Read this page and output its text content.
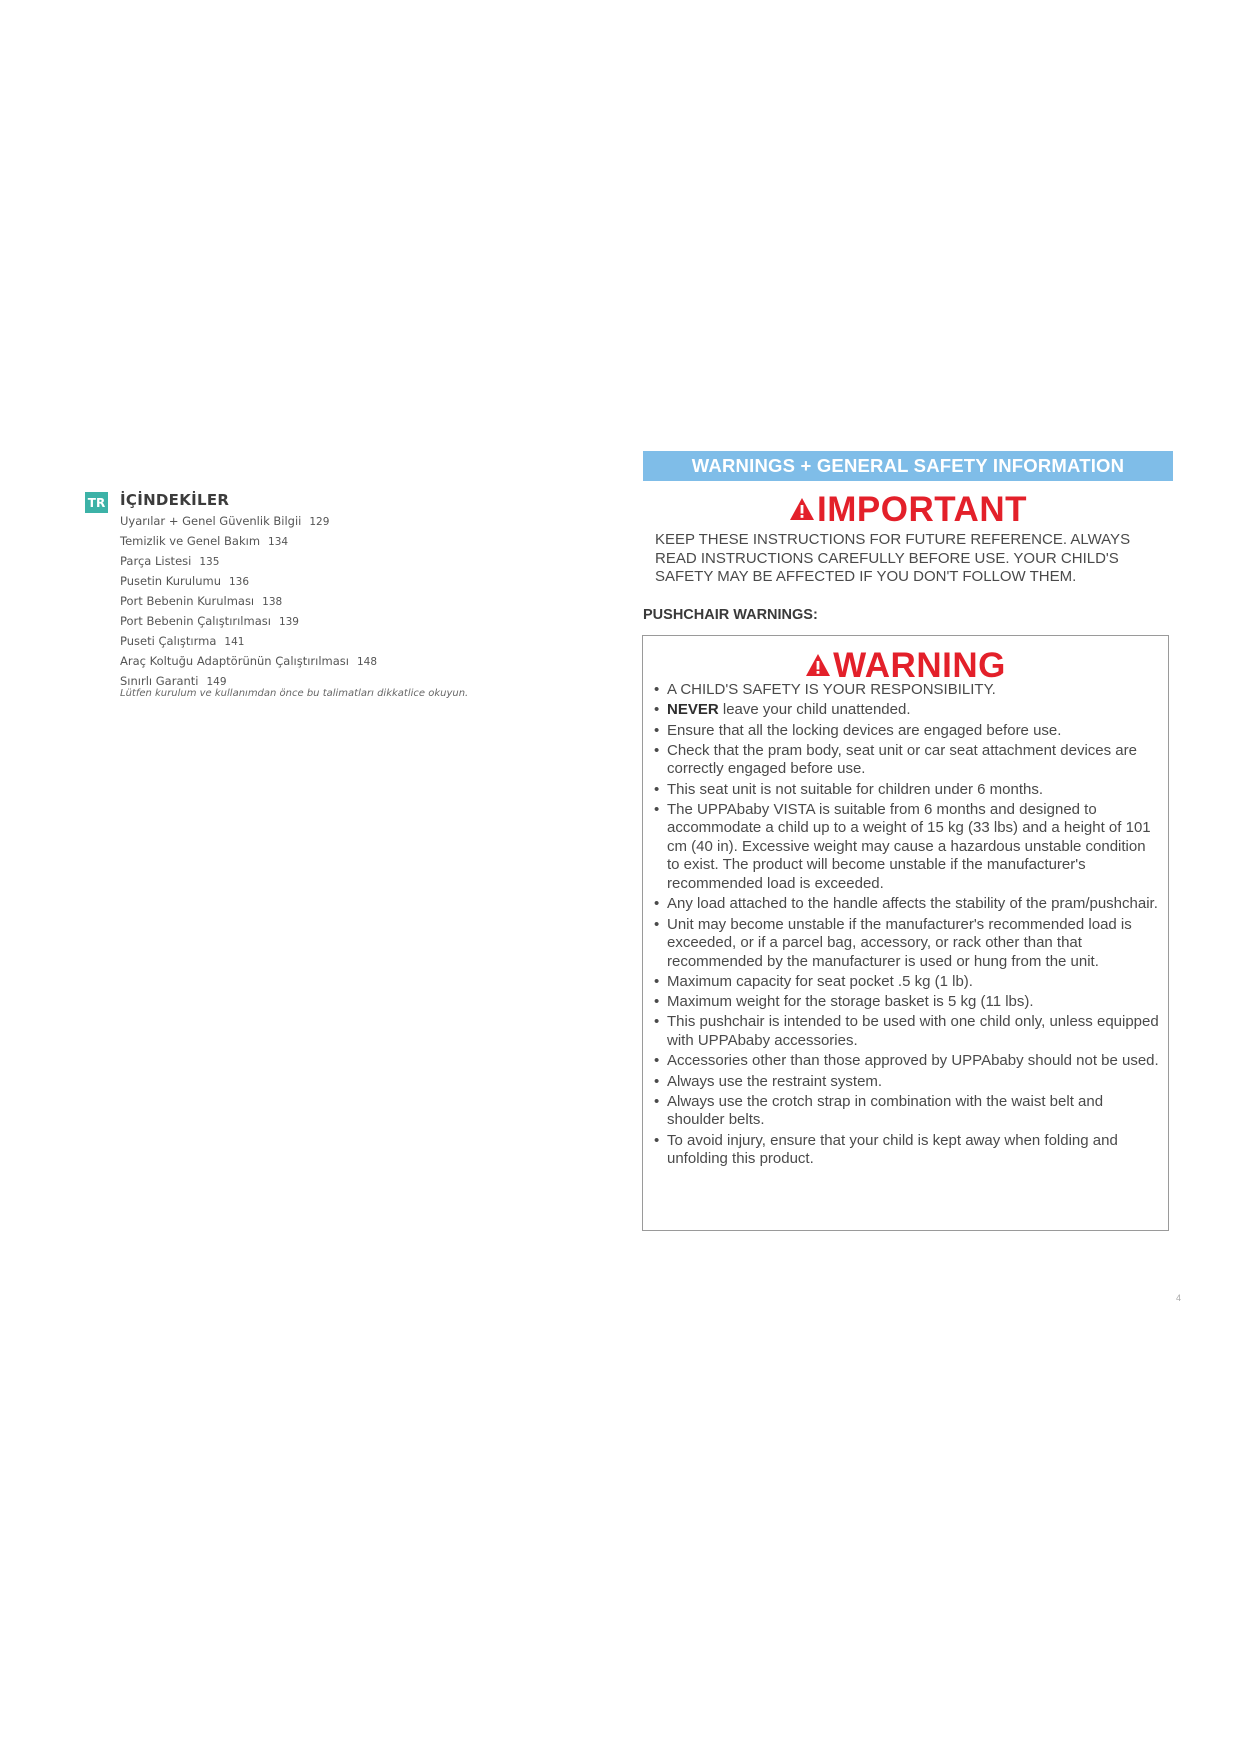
TR İÇİNDEKİLER
Uyarılar + Genel Güvenlik Bilgii 129
Temizlik ve Genel Bakım 134
Parça Listesi 135
Pusetin Kurulumu 136
Port Bebenin Kurulması 138
Port Bebenin Çalıştırılması 139
Puseti Çalıştırma 141
Araç Koltuğu Adaptörünün Çalıştırılması 148
Sınırlı Garanti 149
Lütfen kurulum ve kullanımdan önce bu talimatları dikkatlice okuyun.
WARNINGS + GENERAL SAFETY INFORMATION
IMPORTANT

KEEP THESE INSTRUCTIONS FOR FUTURE REFERENCE. ALWAYS READ INSTRUCTIONS CAREFULLY BEFORE USE. YOUR CHILD'S SAFETY MAY BE AFFECTED IF YOU DON'T FOLLOW THEM.

PUSHCHAIR WARNINGS:
WARNING
• A CHILD'S SAFETY IS YOUR RESPONSIBILITY.
• NEVER leave your child unattended.
• Ensure that all the locking devices are engaged before use.
• Check that the pram body, seat unit or car seat attachment devices are correctly engaged before use.
• This seat unit is not suitable for children under 6 months.
• The UPPAbaby VISTA is suitable from 6 months and designed to accommodate a child up to a weight of 15 kg (33 lbs) and a height of 101 cm (40 in). Excessive weight may cause a hazardous unstable condition to exist. The product will become unstable if the manufacturer's recommended load is exceeded.
• Any load attached to the handle affects the stability of the pram/pushchair.
• Unit may become unstable if the manufacturer's recommended load is exceeded, or if a parcel bag, accessory, or rack other than that recommended by the manufacturer is used or hung from the unit.
• Maximum capacity for seat pocket .5 kg (1 lb).
• Maximum weight for the storage basket is 5 kg (11 lbs).
• This pushchair is intended to be used with one child only, unless equipped with UPPAbaby accessories.
• Accessories other than those approved by UPPAbaby should not be used.
• Always use the restraint system.
• Always use the crotch strap in combination with the waist belt and shoulder belts.
• To avoid injury, ensure that your child is kept away when folding and unfolding this product.
4
